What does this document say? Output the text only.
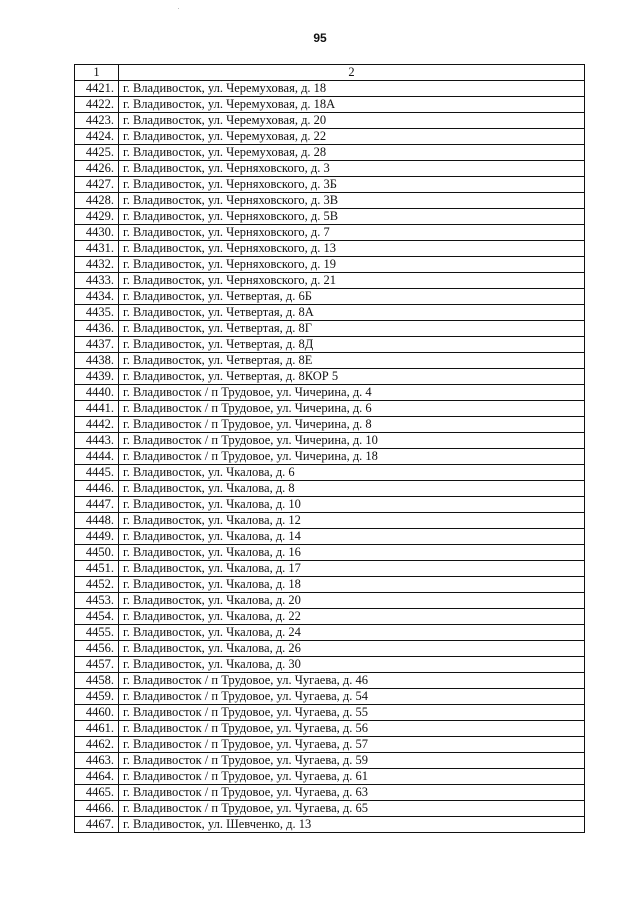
95
1	2
4421.	г. Владивосток, ул. Черемуховая, д. 18
4422.	г. Владивосток, ул. Черемуховая, д. 18А
4423.	г. Владивосток, ул. Черемуховая, д. 20
4424.	г. Владивосток, ул. Черемуховая, д. 22
4425.	г. Владивосток, ул. Черемуховая, д. 28
4426.	г. Владивосток, ул. Черняховского, д. 3
4427.	г. Владивосток, ул. Черняховского, д. 3Б
4428.	г. Владивосток, ул. Черняховского, д. 3В
4429.	г. Владивосток, ул. Черняховского, д. 5В
4430.	г. Владивосток, ул. Черняховского, д. 7
4431.	г. Владивосток, ул. Черняховского, д. 13
4432.	г. Владивосток, ул. Черняховского, д. 19
4433.	г. Владивосток, ул. Черняховского, д. 21
4434.	г. Владивосток, ул. Четвертая, д. 6Б
4435.	г. Владивосток, ул. Четвертая, д. 8А
4436.	г. Владивосток, ул. Четвертая, д. 8Г
4437.	г. Владивосток, ул. Четвертая, д. 8Д
4438.	г. Владивосток, ул. Четвертая, д. 8Е
4439.	г. Владивосток, ул. Четвертая, д. 8КОР 5
4440.	г. Владивосток / п Трудовое, ул. Чичерина, д. 4
4441.	г. Владивосток / п Трудовое, ул. Чичерина, д. 6
4442.	г. Владивосток / п Трудовое, ул. Чичерина, д. 8
4443.	г. Владивосток / п Трудовое, ул. Чичерина, д. 10
4444.	г. Владивосток / п Трудовое, ул. Чичерина, д. 18
4445.	г. Владивосток, ул. Чкалова, д. 6
4446.	г. Владивосток, ул. Чкалова, д. 8
4447.	г. Владивосток, ул. Чкалова, д. 10
4448.	г. Владивосток, ул. Чкалова, д. 12
4449.	г. Владивосток, ул. Чкалова, д. 14
4450.	г. Владивосток, ул. Чкалова, д. 16
4451.	г. Владивосток, ул. Чкалова, д. 17
4452.	г. Владивосток, ул. Чкалова, д. 18
4453.	г. Владивосток, ул. Чкалова, д. 20
4454.	г. Владивосток, ул. Чкалова, д. 22
4455.	г. Владивосток, ул. Чкалова, д. 24
4456.	г. Владивосток, ул. Чкалова, д. 26
4457.	г. Владивосток, ул. Чкалова, д. 30
4458.	г. Владивосток / п Трудовое, ул. Чугаева, д. 46
4459.	г. Владивосток / п Трудовое, ул. Чугаева, д. 54
4460.	г. Владивосток / п Трудовое, ул. Чугаева, д. 55
4461.	г. Владивосток / п Трудовое, ул. Чугаева, д. 56
4462.	г. Владивосток / п Трудовое, ул. Чугаева, д. 57
4463.	г. Владивосток / п Трудовое, ул. Чугаева, д. 59
4464.	г. Владивосток / п Трудовое, ул. Чугаева, д. 61
4465.	г. Владивосток / п Трудовое, ул. Чугаева, д. 63
4466.	г. Владивосток / п Трудовое, ул. Чугаева, д. 65
4467.	г. Владивосток, ул. Шевченко, д. 13
